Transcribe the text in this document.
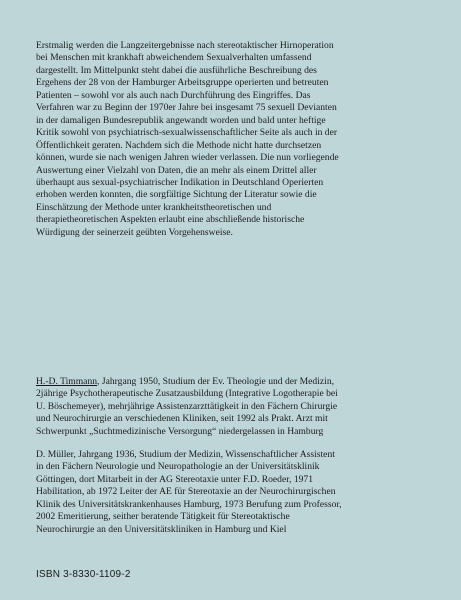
Erstmalig werden die Langzeitergebnisse nach stereotaktischer Hirnoperation
bei Menschen mit krankhaft abweichendem Sexualverhalten umfassend
dargestellt. Im Mittelpunkt steht dabei die ausführliche Beschreibung des
Ergehens der 28 von der Hamburger Arbeitsgruppe operierten und betreuten
Patienten – sowohl vor als auch nach Durchführung des Eingriffes. Das
Verfahren war zu Beginn der 1970er Jahre bei insgesamt 75 sexuell Devianten
in der damaligen Bundesrepublik angewandt worden und bald unter heftige
Kritik sowohl von psychiatrisch-sexualwissenschaftlicher Seite als auch in der
Öffentlichkeit geraten. Nachdem sich die Methode nicht hatte durchsetzen
können, wurde sie nach wenigen Jahren wieder verlassen. Die nun vorliegende
Auswertung einer Vielzahl von Daten, die an mehr als einem Drittel aller
überhaupt aus sexual-psychiatrischer Indikation in Deutschland Operierten
erhoben werden konnten, die sorgfältige Sichtung der Literatur sowie die
Einschätzung der Methode unter krankheitstheoretischen und
therapietheoretischen Aspekten erlaubt eine abschließende historische
Würdigung der seinerzeit geübten Vorgehensweise.
H.-D. Timmann, Jahrgang 1950, Studium der Ev. Theologie und der Medizin,
2jährige Psychotherapeutische Zusatzausbildung (Integrative Logotherapie bei
U. Böschemeyer), mehrjährige Assistenzarzttätigkeit in den Fächern Chirurgie
und Neurochirurgie an verschiedenen Kliniken, seit 1992 als Prakt. Arzt mit
Schwerpunkt „Suchtmedizinische Versorgung“ niedergelassen in Hamburg
D. Müller, Jahrgang 1936, Studium der Medizin, Wissenschaftlicher Assistent
in den Fächern Neurologie und Neuropathologie an der Universitätsklinik
Göttingen, dort Mitarbeit in der AG Stereotaxie unter F.D. Roeder, 1971
Habilitation, ab 1972 Leiter der AE für Stereotaxie an der Neurochirurgischen
Klinik des Universitätskrankenhauses Hamburg, 1973 Berufung zum Professor,
2002 Emeritierung, seither beratende Tätigkeit für Stereotaktische
Neurochirurgie an den Universitätskliniken in Hamburg und Kiel
ISBN 3-8330-1109-2
